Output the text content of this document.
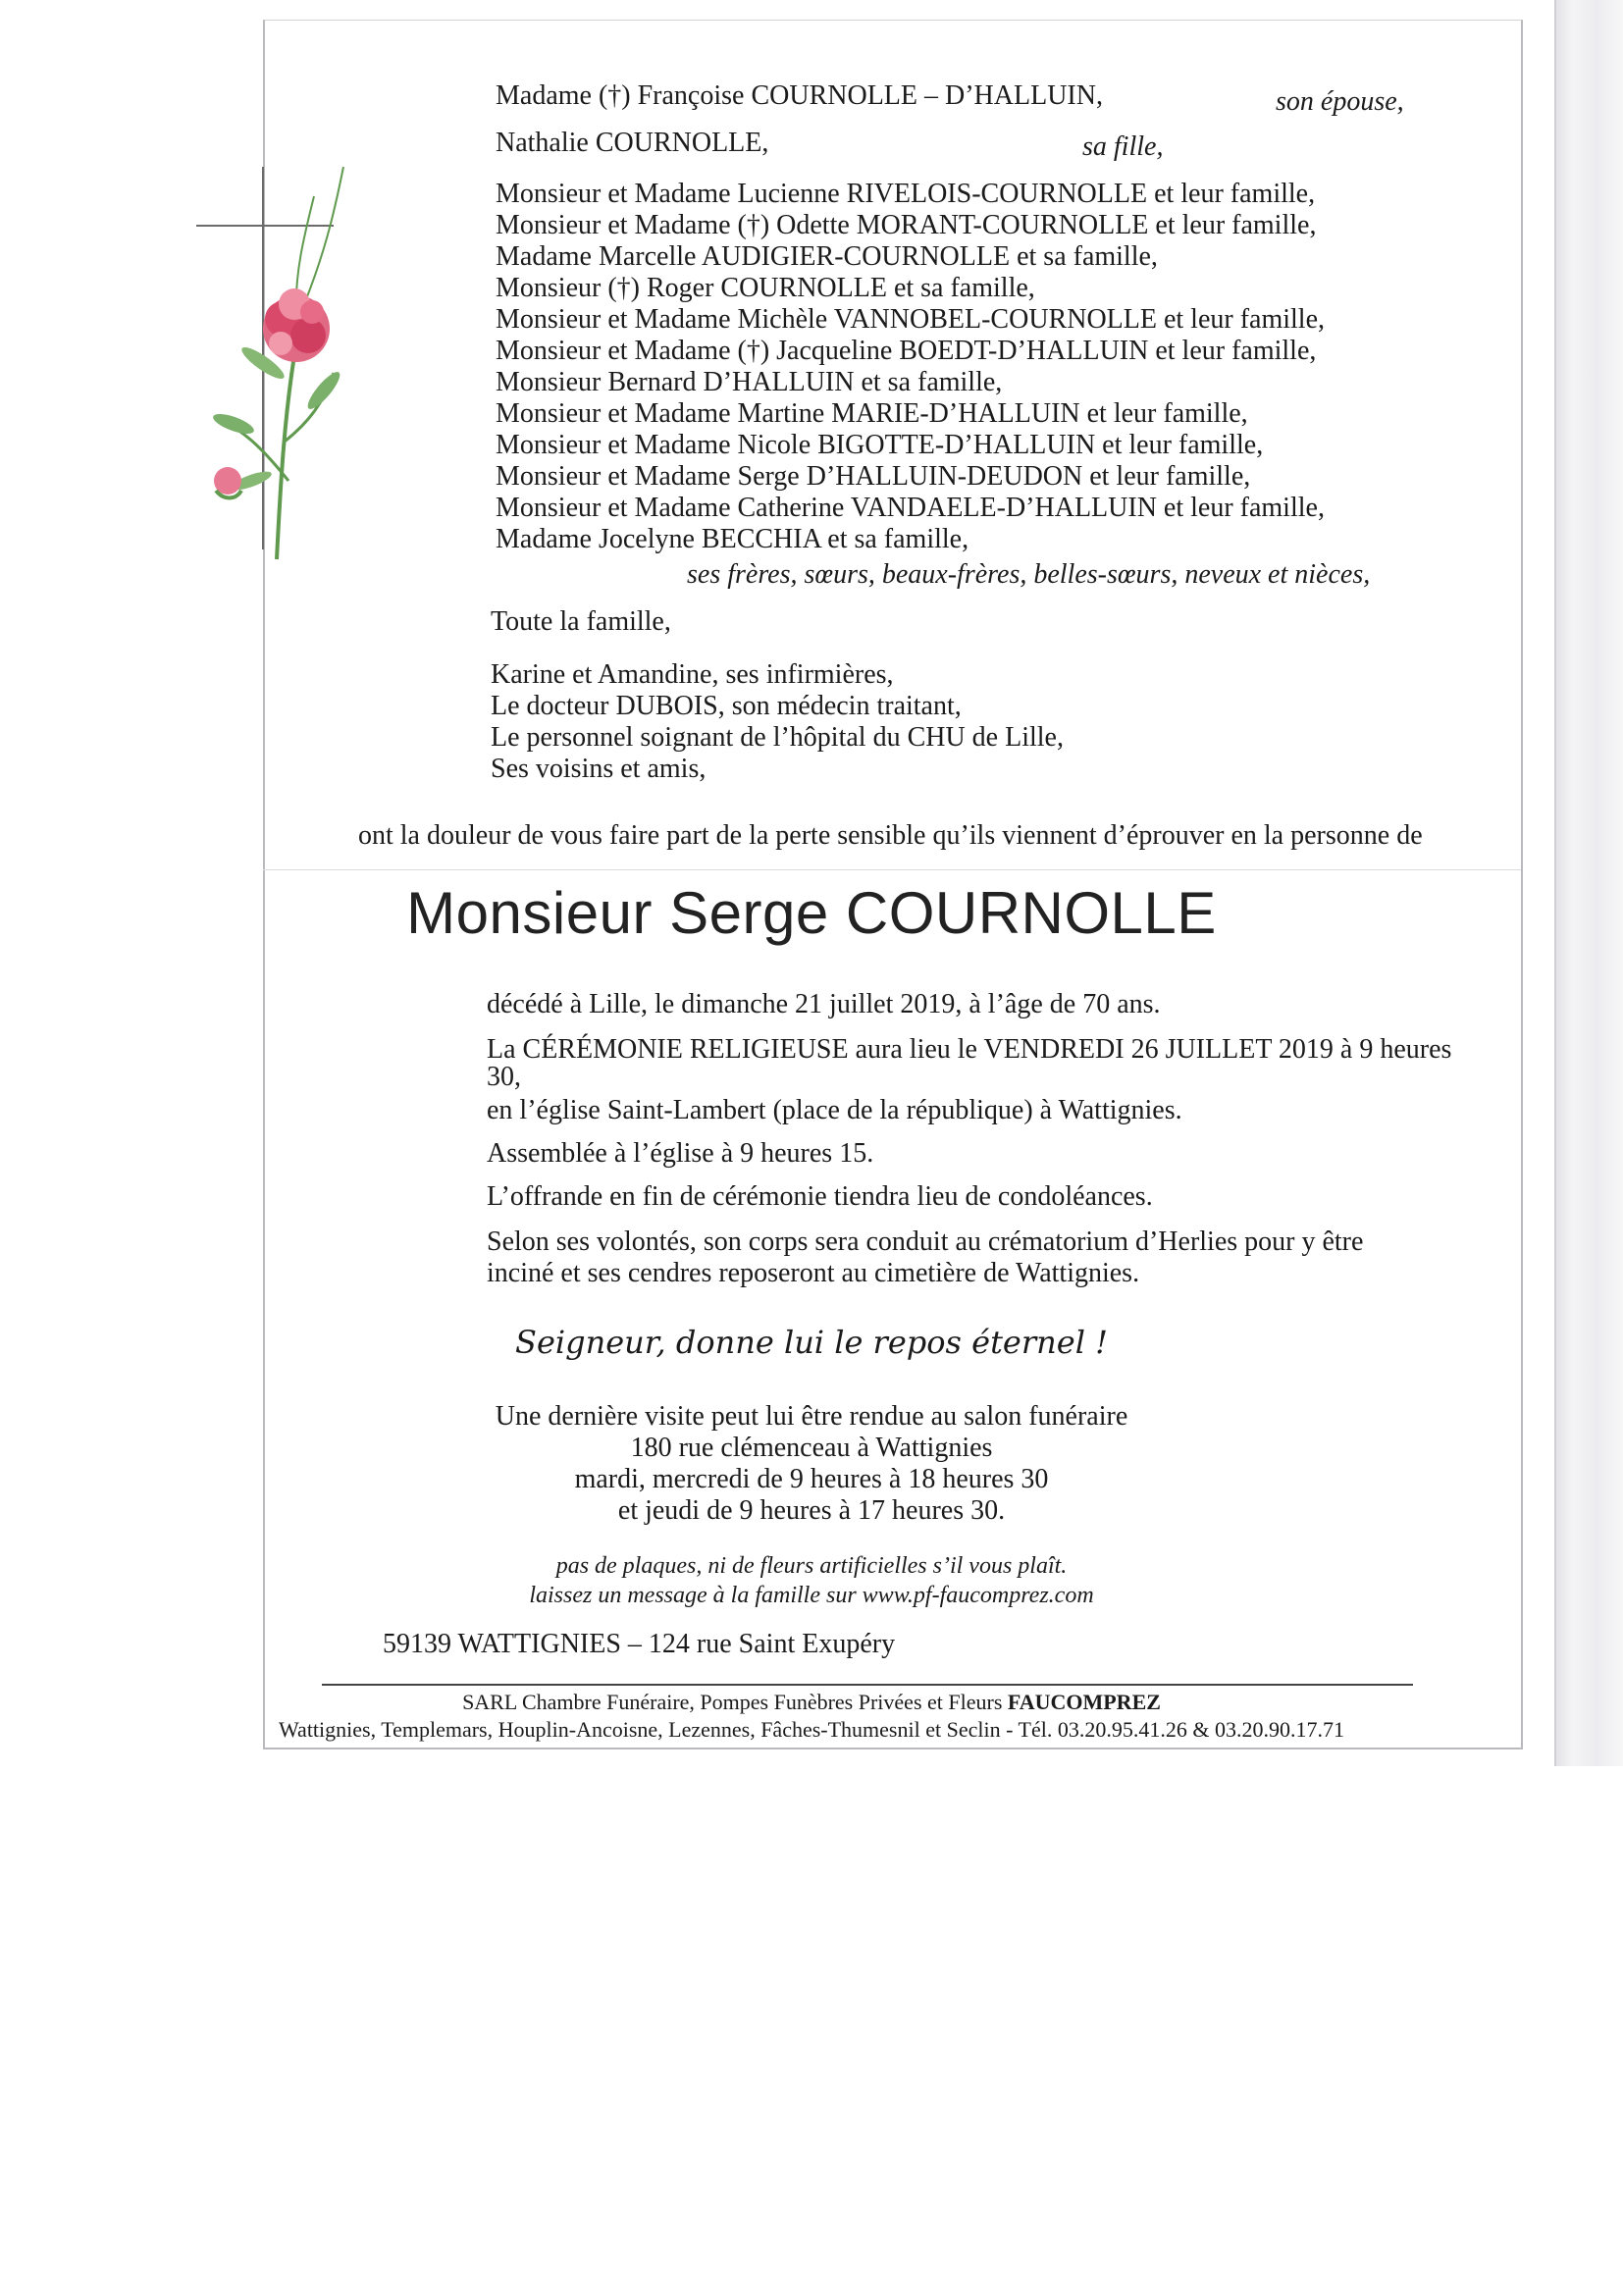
Madame (†) Françoise COURNOLLE – D’HALLUIN,	son épouse,
Nathalie COURNOLLE,	sa fille,
Monsieur et Madame Lucienne RIVELOIS-COURNOLLE et leur famille,
Monsieur et Madame (†) Odette MORANT-COURNOLLE et leur famille,
Madame Marcelle AUDIGIER-COURNOLLE et sa famille,
Monsieur (†) Roger COURNOLLE et sa famille,
Monsieur et Madame Michèle VANNOBEL-COURNOLLE et leur famille,
Monsieur et Madame (†) Jacqueline BOEDT-D’HALLUIN et leur famille,
Monsieur Bernard D’HALLUIN et sa famille,
Monsieur et Madame Martine MARIE-D’HALLUIN et leur famille,
Monsieur et Madame Nicole BIGOTTE-D’HALLUIN et leur famille,
Monsieur et Madame Serge D’HALLUIN-DEUDON et leur famille,
Monsieur et Madame Catherine VANDAELE-D’HALLUIN et leur famille,
Madame Jocelyne BECCHIA et sa famille,
ses frères, sœurs, beaux-frères, belles-sœurs, neveux et nièces,
Toute la famille,
Karine et Amandine, ses infirmières,
Le docteur DUBOIS, son médecin traitant,
Le personnel soignant de l’hôpital du CHU de Lille,
Ses voisins et amis,
ont la douleur de vous faire part de la perte sensible qu’ils viennent d’éprouver en la personne de
Monsieur Serge COURNOLLE
décédé à Lille, le dimanche 21 juillet 2019, à l’âge de 70 ans.
La CÉRÉMONIE RELIGIEUSE aura lieu le VENDREDI 26 JUILLET 2019 à 9 heures
30,
en l’église Saint-Lambert (place de la république) à Wattignies.
Assemblée à l’église à 9 heures 15.
L’offrande en fin de cérémonie tiendra lieu de condoléances.
Selon ses volontés, son corps sera conduit au crématorium d’Herlies pour y être
inciné et ses cendres reposeront au cimetière de Wattignies.
Seigneur, donne lui le repos éternel !
Une dernière visite peut lui être rendue au salon funéraire
180 rue clémenceau à Wattignies
mardi, mercredi de 9 heures à 18 heures 30
et jeudi de 9 heures à 17 heures 30.
pas de plaques, ni de fleurs artificielles s’il vous plaît.
laissez un message à la famille sur www.pf-faucomprez.com
59139 WATTIGNIES – 124 rue Saint Exupéry
SARL Chambre Funéraire, Pompes Funèbres Privées et Fleurs FAUCOMPREZ
Wattignies, Templemars, Houplin-Ancoisne, Lezennes, Fâches-Thumesnil et Seclin - Tél. 03.20.95.41.26 & 03.20.90.17.71
